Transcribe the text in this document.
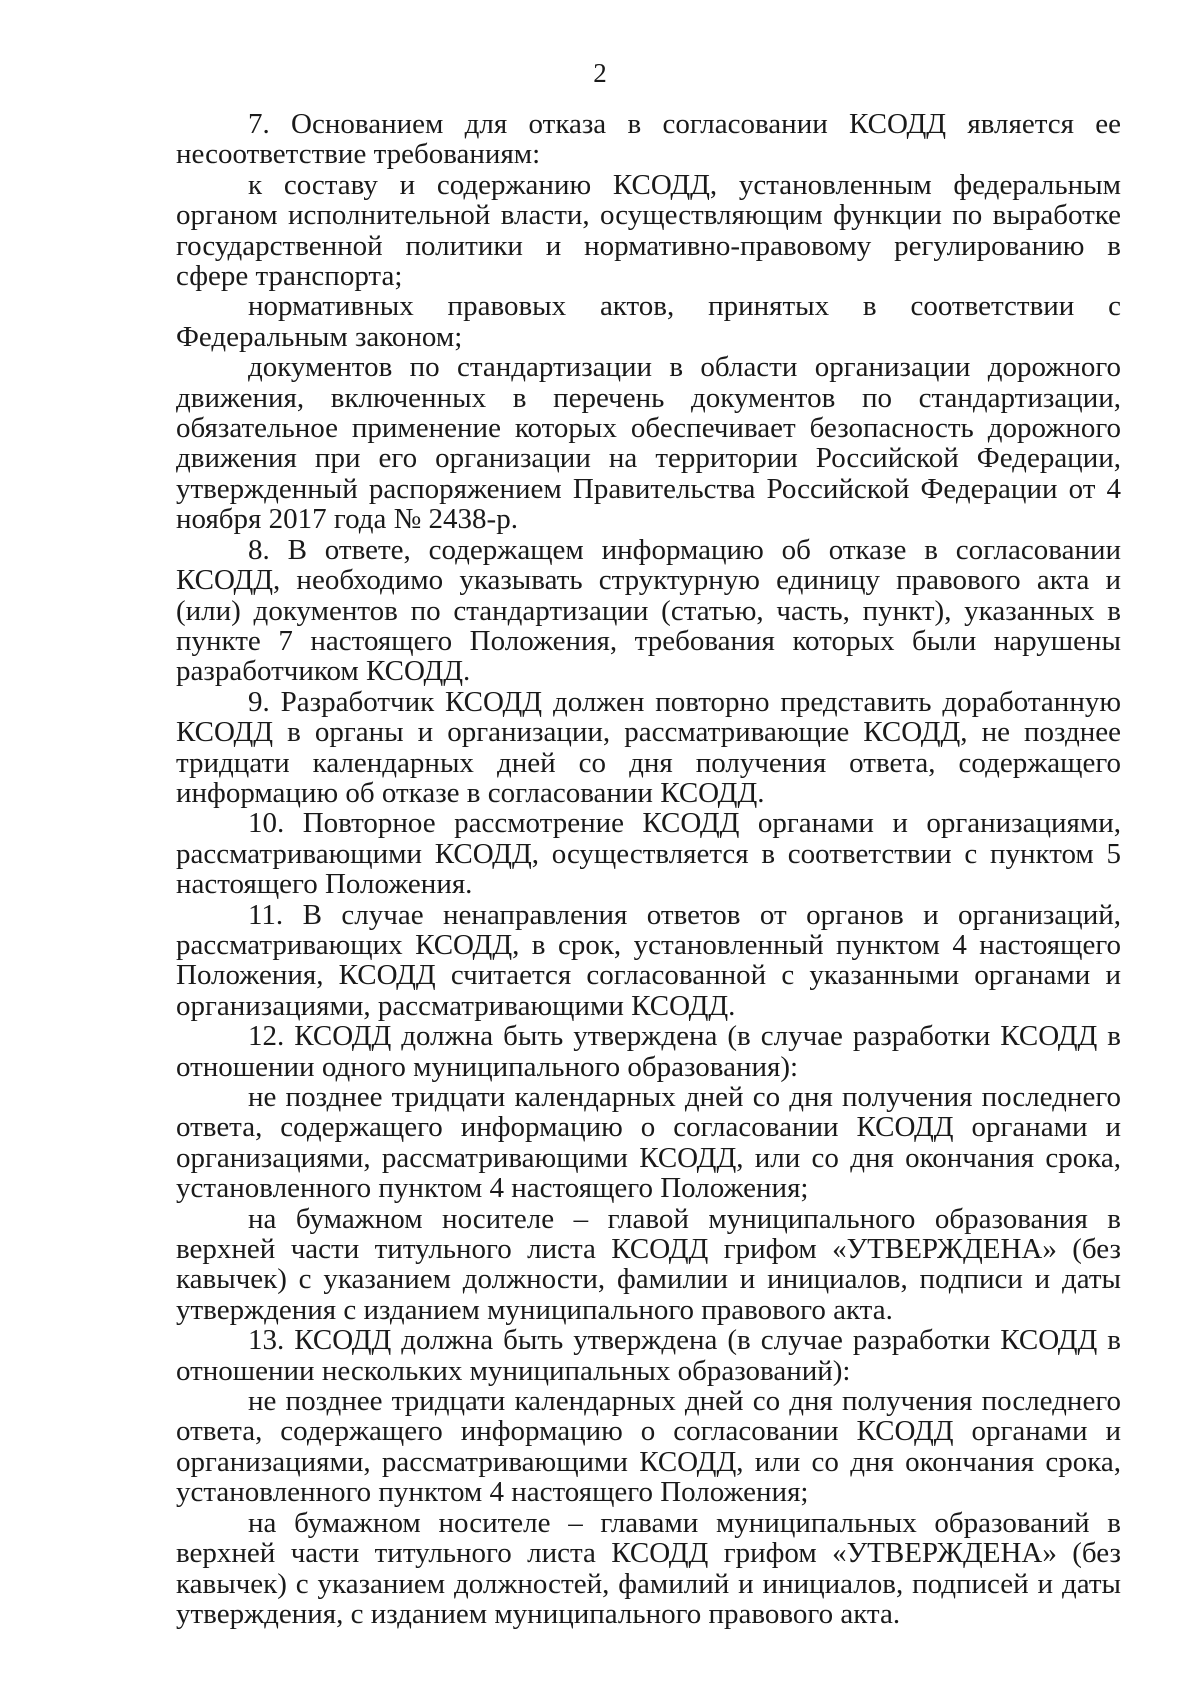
2

7. Основанием для отказа в согласовании КСОДД является ее несоответствие требованиям:

к составу и содержанию КСОДД, установленным федеральным органом исполнительной власти, осуществляющим функции по выработке государственной политики и нормативно-правовому регулированию в сфере транспорта;

нормативных правовых актов, принятых в соответствии с Федеральным законом;

документов по стандартизации в области организации дорожного движения, включенных в перечень документов по стандартизации, обязательное применение которых обеспечивает безопасность дорожного движения при его организации на территории Российской Федерации, утвержденный распоряжением Правительства Российской Федерации от 4 ноября 2017 года № 2438-р.

8. В ответе, содержащем информацию об отказе в согласовании КСОДД, необходимо указывать структурную единицу правового акта и (или) документов по стандартизации (статью, часть, пункт), указанных в пункте 7 настоящего Положения, требования которых были нарушены разработчиком КСОДД.

9. Разработчик КСОДД должен повторно представить доработанную КСОДД в органы и организации, рассматривающие КСОДД, не позднее тридцати календарных дней со дня получения ответа, содержащего информацию об отказе в согласовании КСОДД.

10. Повторное рассмотрение КСОДД органами и организациями, рассматривающими КСОДД, осуществляется в соответствии с пунктом 5 настоящего Положения.

11. В случае ненаправления ответов от органов и организаций, рассматривающих КСОДД, в срок, установленный пунктом 4 настоящего Положения, КСОДД считается согласованной с указанными органами и организациями, рассматривающими КСОДД.

12. КСОДД должна быть утверждена (в случае разработки КСОДД в отношении одного муниципального образования):

не позднее тридцати календарных дней со дня получения последнего ответа, содержащего информацию о согласовании КСОДД органами и организациями, рассматривающими КСОДД, или со дня окончания срока, установленного пунктом 4 настоящего Положения;

на бумажном носителе – главой муниципального образования в верхней части титульного листа КСОДД грифом «УТВЕРЖДЕНА» (без кавычек) с указанием должности, фамилии и инициалов, подписи и даты утверждения с изданием муниципального правового акта.

13. КСОДД должна быть утверждена (в случае разработки КСОДД в отношении нескольких муниципальных образований):

не позднее тридцати календарных дней со дня получения последнего ответа, содержащего информацию о согласовании КСОДД органами и организациями, рассматривающими КСОДД, или со дня окончания срока, установленного пунктом 4 настоящего Положения;

на бумажном носителе – главами муниципальных образований в верхней части титульного листа КСОДД грифом «УТВЕРЖДЕНА» (без кавычек) с указанием должностей, фамилий и инициалов, подписей и даты утверждения, с изданием муниципального правового акта.
